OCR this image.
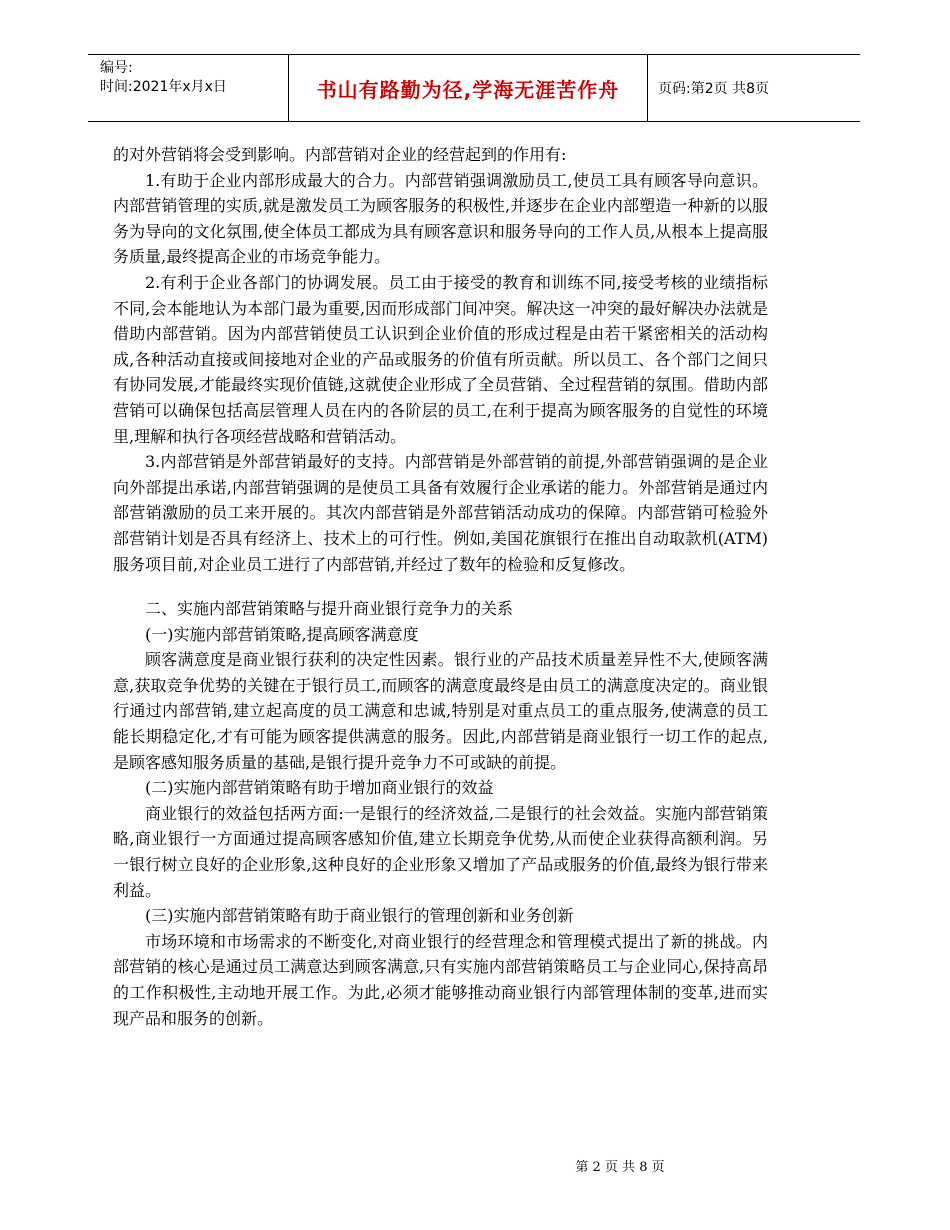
编号:
时间:2021年x月x日	书山有路勤为径,学海无涯苦作舟	页码:第2页 共8页

的对外营销将会受到影响。内部营销对企业的经营起到的作用有:

1.有助于企业内部形成最大的合力。内部营销强调激励员工,使员工具有顾客导向意识。内部营销管理的实质,就是激发员工为顾客服务的积极性,并逐步在企业内部塑造一种新的以服务为导向的文化氛围,使全体员工都成为具有顾客意识和服务导向的工作人员,从根本上提高服务质量,最终提高企业的市场竞争能力。

2.有利于企业各部门的协调发展。员工由于接受的教育和训练不同,接受考核的业绩指标不同,会本能地认为本部门最为重要,因而形成部门间冲突。解决这一冲突的最好解决办法就是借助内部营销。因为内部营销使员工认识到企业价值的形成过程是由若干紧密相关的活动构成,各种活动直接或间接地对企业的产品或服务的价值有所贡献。所以员工、各个部门之间只有协同发展,才能最终实现价值链,这就使企业形成了全员营销、全过程营销的氛围。借助内部营销可以确保包括高层管理人员在内的各阶层的员工,在利于提高为顾客服务的自觉性的环境里,理解和执行各项经营战略和营销活动。

3.内部营销是外部营销最好的支持。内部营销是外部营销的前提,外部营销强调的是企业向外部提出承诺,内部营销强调的是使员工具备有效履行企业承诺的能力。外部营销是通过内部营销激励的员工来开展的。其次内部营销是外部营销活动成功的保障。内部营销可检验外部营销计划是否具有经济上、技术上的可行性。例如,美国花旗银行在推出自动取款机(ATM)服务项目前,对企业员工进行了内部营销,并经过了数年的检验和反复修改。

二、实施内部营销策略与提升商业银行竞争力的关系

(一)实施内部营销策略,提高顾客满意度

顾客满意度是商业银行获利的决定性因素。银行业的产品技术质量差异性不大,使顾客满意,获取竞争优势的关键在于银行员工,而顾客的满意度最终是由员工的满意度决定的。商业银行通过内部营销,建立起高度的员工满意和忠诚,特别是对重点员工的重点服务,使满意的员工能长期稳定化,才有可能为顾客提供满意的服务。因此,内部营销是商业银行一切工作的起点,是顾客感知服务质量的基础,是银行提升竞争力不可或缺的前提。

(二)实施内部营销策略有助于增加商业银行的效益

商业银行的效益包括两方面:一是银行的经济效益,二是银行的社会效益。实施内部营销策略,商业银行一方面通过提高顾客感知价值,建立长期竞争优势,从而使企业获得高额利润。另一银行树立良好的企业形象,这种良好的企业形象又增加了产品或服务的价值,最终为银行带来利益。

(三)实施内部营销策略有助于商业银行的管理创新和业务创新

市场环境和市场需求的不断变化,对商业银行的经营理念和管理模式提出了新的挑战。内部营销的核心是通过员工满意达到顾客满意,只有实施内部营销策略员工与企业同心,保持高昂的工作积极性,主动地开展工作。为此,必须才能够推动商业银行内部管理体制的变革,进而实现产品和服务的创新。

第 2 页 共 8 页
